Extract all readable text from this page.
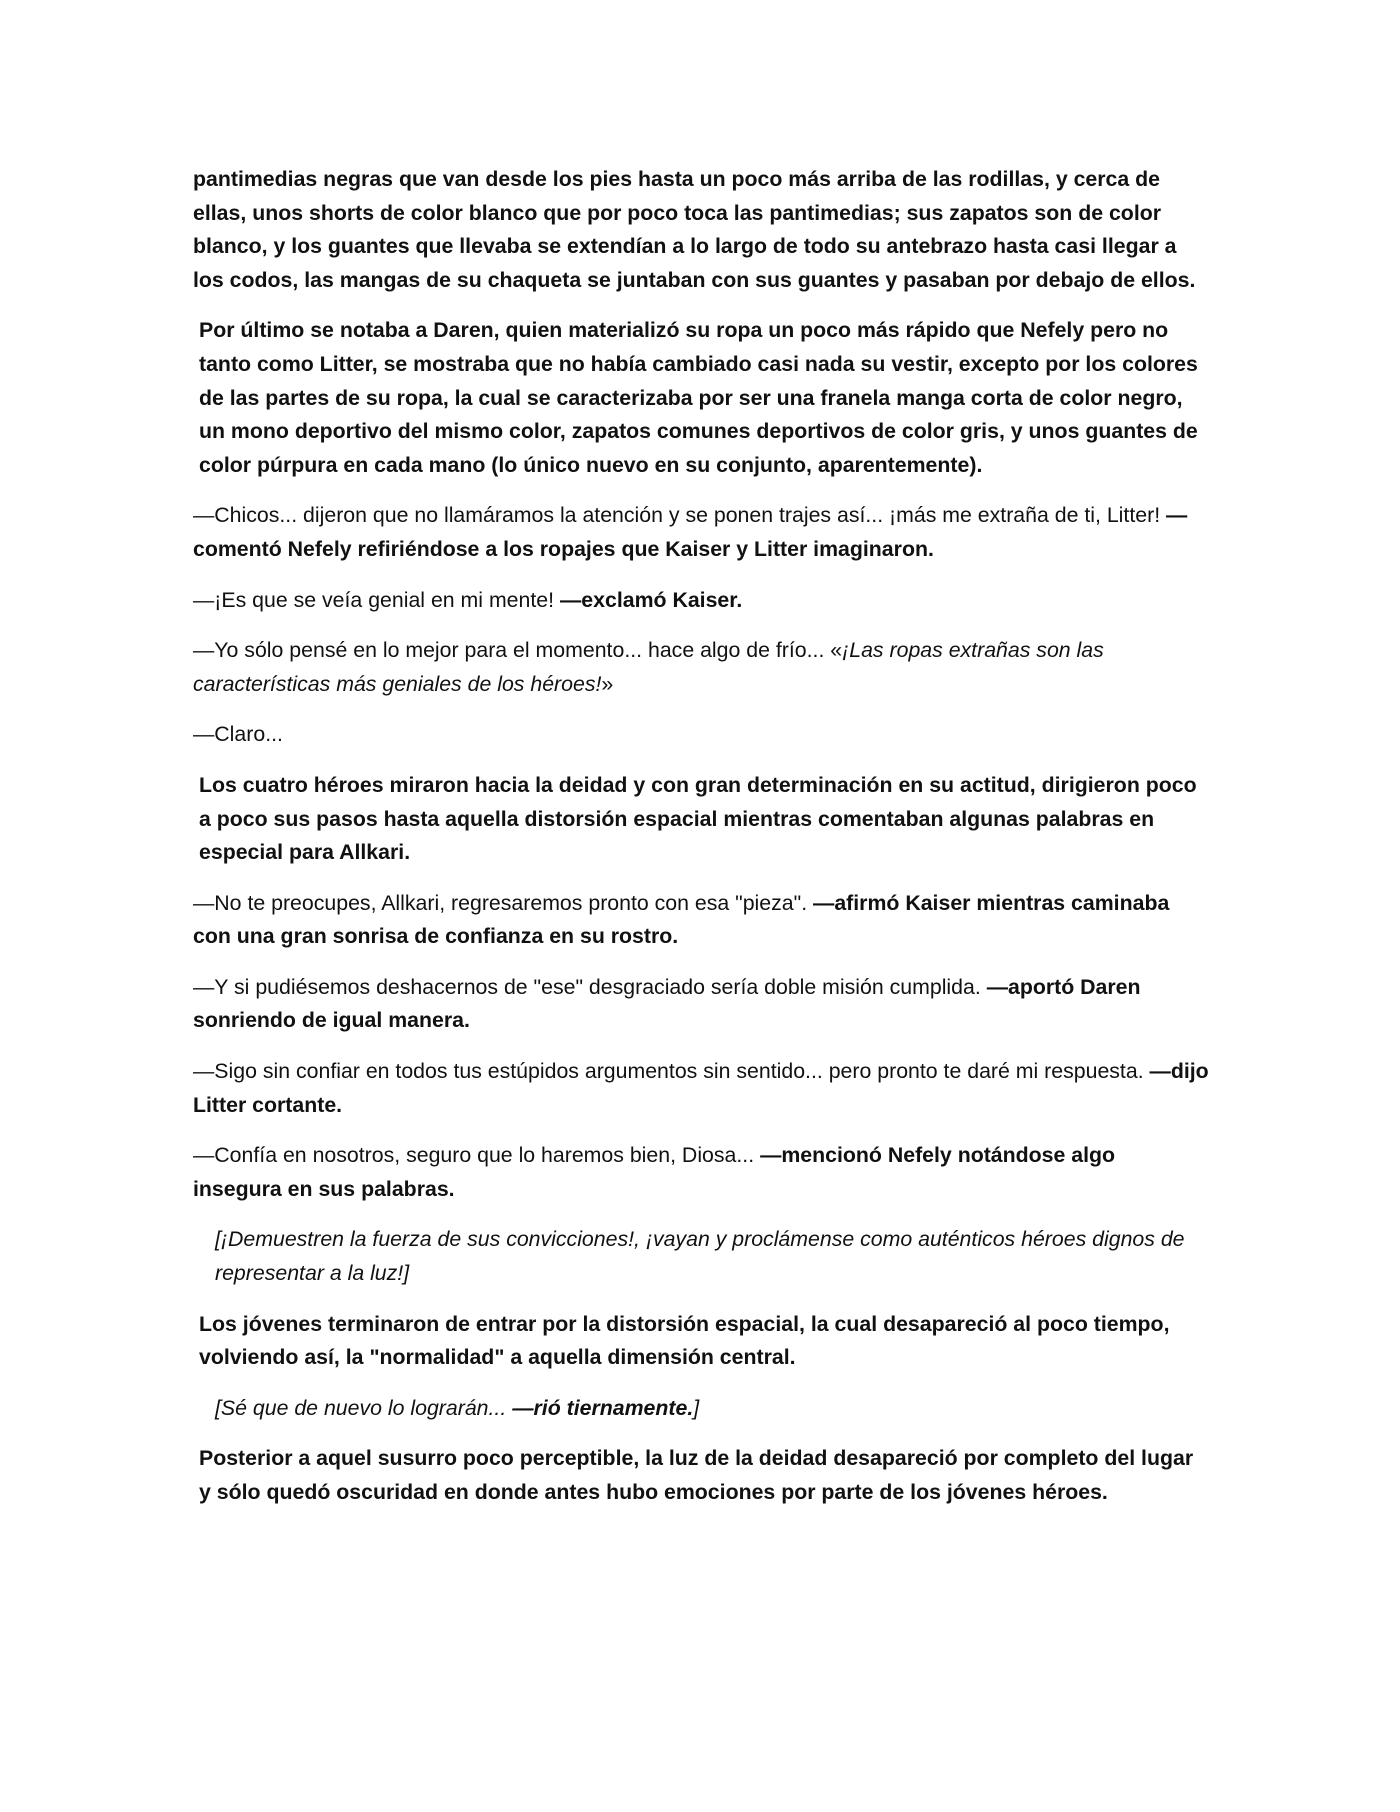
pantimedias negras que van desde los pies hasta un poco más arriba de las rodillas, y cerca de ellas, unos shorts de color blanco que por poco toca las pantimedias; sus zapatos son de color blanco, y los guantes que llevaba se extendían a lo largo de todo su antebrazo hasta casi llegar a los codos, las mangas de su chaqueta se juntaban con sus guantes y pasaban por debajo de ellos.

Por último se notaba a Daren, quien materializó su ropa un poco más rápido que Nefely pero no tanto como Litter, se mostraba que no había cambiado casi nada su vestir, excepto por los colores de las partes de su ropa, la cual se caracterizaba por ser una franela manga corta de color negro, un mono deportivo del mismo color, zapatos comunes deportivos de color gris, y unos guantes de color púrpura en cada mano (lo único nuevo en su conjunto, aparentemente).

—Chicos... dijeron que no llamáramos la atención y se ponen trajes así... ¡más me extraña de ti, Litter! —comentó Nefely refiriéndose a los ropajes que Kaiser y Litter imaginaron.

—¡Es que se veía genial en mi mente! —exclamó Kaiser.

—Yo sólo pensé en lo mejor para el momento... hace algo de frío... «¡Las ropas extrañas son las características más geniales de los héroes!»

—Claro...

Los cuatro héroes miraron hacia la deidad y con gran determinación en su actitud, dirigieron poco a poco sus pasos hasta aquella distorsión espacial mientras comentaban algunas palabras en especial para Allkari.

—No te preocupes, Allkari, regresaremos pronto con esa "pieza". —afirmó Kaiser mientras caminaba con una gran sonrisa de confianza en su rostro.

—Y si pudiésemos deshacernos de "ese" desgraciado sería doble misión cumplida. —aportó Daren sonriendo de igual manera.

—Sigo sin confiar en todos tus estúpidos argumentos sin sentido... pero pronto te daré mi respuesta. —dijo Litter cortante.

—Confía en nosotros, seguro que lo haremos bien, Diosa... —mencionó Nefely notándose algo insegura en sus palabras.

[¡Demuestren la fuerza de sus convicciones!, ¡vayan y proclámense como auténticos héroes dignos de representar a la luz!]

Los jóvenes terminaron de entrar por la distorsión espacial, la cual desapareció al poco tiempo, volviendo así, la "normalidad" a aquella dimensión central.

[Sé que de nuevo lo lograrán... —rió tiernamente.]

Posterior a aquel susurro poco perceptible, la luz de la deidad desapareció por completo del lugar y sólo quedó oscuridad en donde antes hubo emociones por parte de los jóvenes héroes.
